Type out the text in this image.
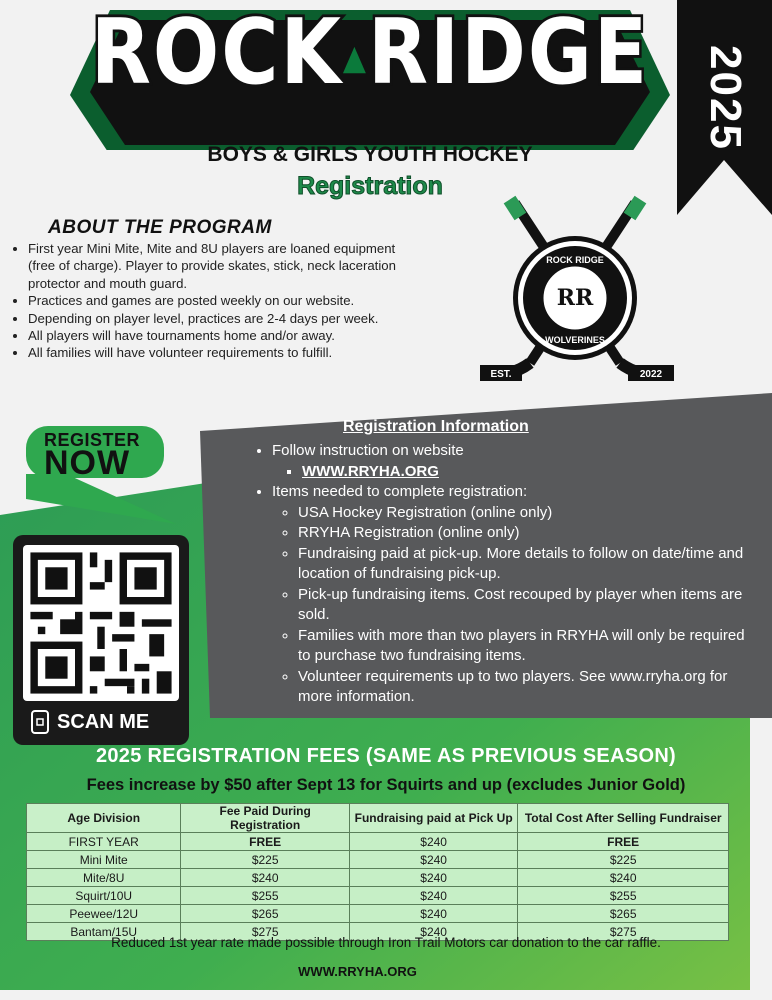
ROCK▲RIDGE
BOYS & GIRLS YOUTH HOCKEY
Registration
2025
ABOUT THE PROGRAM
• First year Mini Mite, Mite and 8U players are loaned equipment (free of charge). Player to provide skates, stick, neck laceration protector and mouth guard.
• Practices and games are posted weekly on our website.
• Depending on player level, practices are 2-4 days per week.
• All players will have tournaments home and/or away.
• All families will have volunteer requirements to fulfill.
RR
ROCK RIDGE
WOLVERINES
EST.	2022
Registration Information
• Follow instruction on website
▪ WWW.RRYHA.ORG
• Items needed to complete registration:
◦ USA Hockey Registration (online only)
◦ RRYHA Registration (online only)
◦ Fundraising paid at pick-up. More details to follow on date/time and location of fundraising pick-up.
◦ Pick-up fundraising items. Cost recouped by player when items are sold.
◦ Families with more than two players in RRYHA will only be required to purchase two fundraising items.
◦ Volunteer requirements up to two players. See www.rryha.org for more information.
REGISTER
NOW
SCAN ME
2025 REGISTRATION FEES (SAME AS PREVIOUS SEASON)
Fees increase by $50 after Sept 13 for Squirts and up (excludes Junior Gold)
Age Division	Fee Paid During Registration	Fundraising paid at Pick Up	Total Cost After Selling Fundraiser
FIRST YEAR	FREE	$240	FREE
Mini Mite	$225	$240	$225
Mite/8U	$240	$240	$240
Squirt/10U	$255	$240	$255
Peewee/12U	$265	$240	$265
Bantam/15U	$275	$240	$275
Reduced 1st year rate made possible through Iron Trail Motors car donation to the car raffle.
WWW.RRYHA.ORG
